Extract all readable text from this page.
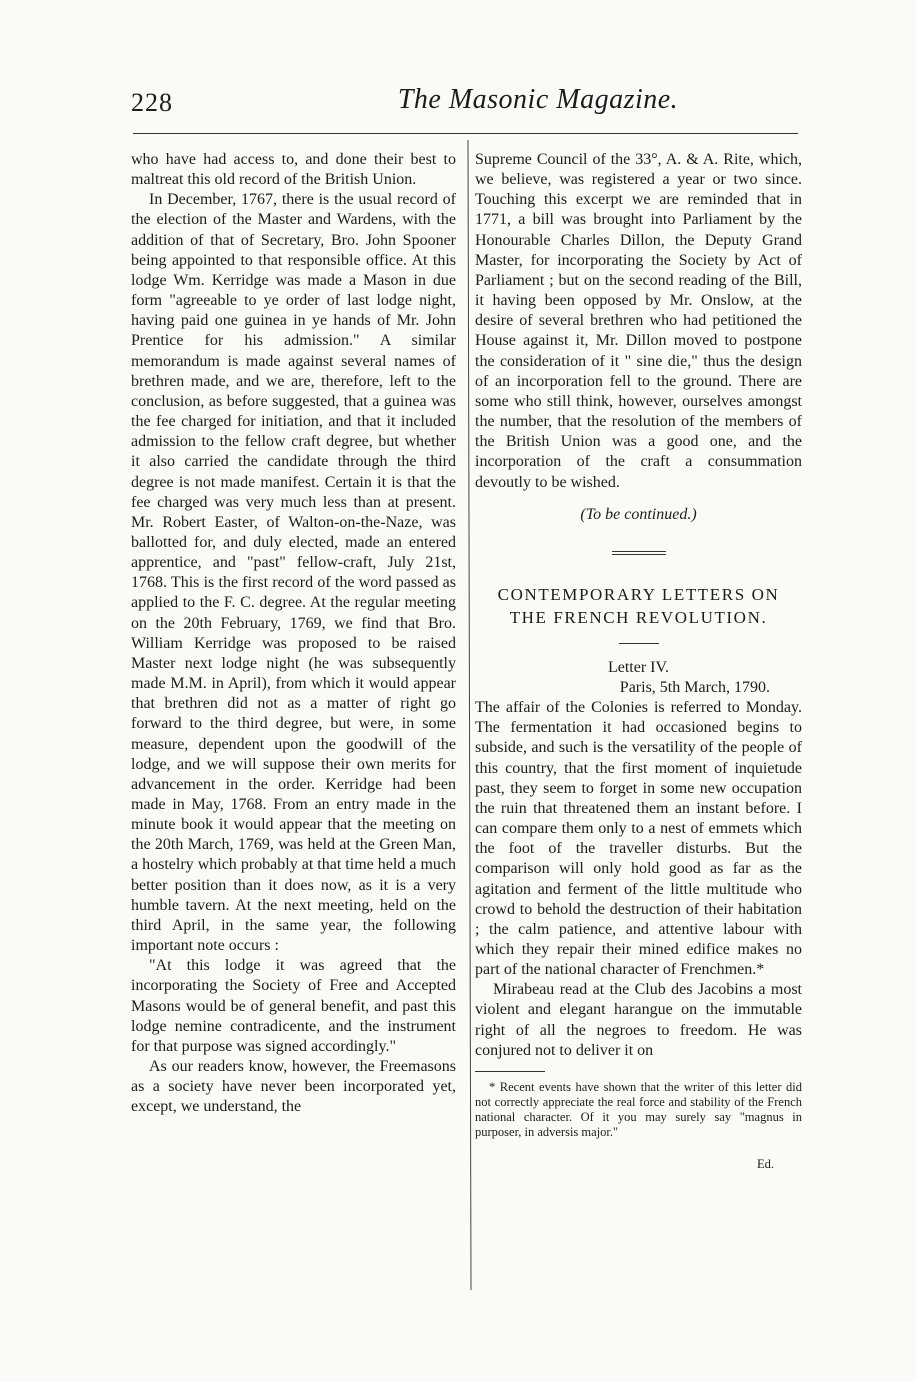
228	The Masonic Magazine.

who have had access to, and done their best to maltreat this old record of the British Union.

In December, 1767, there is the usual record of the election of the Master and Wardens, with the addition of that of Secretary, Bro. John Spooner being appointed to that responsible office. At this lodge Wm. Kerridge was made a Mason in due form "agreeable to ye order of last lodge night, having paid one guinea in ye hands of Mr. John Prentice for his admission." A similar memorandum is made against several names of brethren made, and we are, therefore, left to the conclusion, as before suggested, that a guinea was the fee charged for initiation, and that it included admission to the fellow craft degree, but whether it also carried the candidate through the third degree is not made manifest. Certain it is that the fee charged was very much less than at present. Mr. Robert Easter, of Walton-on-the-Naze, was ballotted for, and duly elected, made an entered apprentice, and "past" fellow-craft, July 21st, 1768. This is the first record of the word passed as applied to the F. C. degree. At the regular meeting on the 20th February, 1769, we find that Bro. William Kerridge was proposed to be raised Master next lodge night (he was subsequently made M.M. in April), from which it would appear that brethren did not as a matter of right go forward to the third degree, but were, in some measure, dependent upon the goodwill of the lodge, and we will suppose their own merits for advancement in the order. Kerridge had been made in May, 1768. From an entry made in the minute book it would appear that the meeting on the 20th March, 1769, was held at the Green Man, a hostelry which probably at that time held a much better position than it does now, as it is a very humble tavern. At the next meeting, held on the third April, in the same year, the following important note occurs :

"At this lodge it was agreed that the incorporating the Society of Free and Accepted Masons would be of general benefit, and past this lodge nemine contradicente, and the instrument for that purpose was signed accordingly."

As our readers know, however, the Freemasons as a society have never been incorporated yet, except, we understand, the

Supreme Council of the 33°, A. & A. Rite, which, we believe, was registered a year or two since. Touching this excerpt we are reminded that in 1771, a bill was brought into Parliament by the Honourable Charles Dillon, the Deputy Grand Master, for incorporating the Society by Act of Parliament ; but on the second reading of the Bill, it having been opposed by Mr. Onslow, at the desire of several brethren who had petitioned the House against it, Mr. Dillon moved to postpone the consideration of it " sine die," thus the design of an incorporation fell to the ground. There are some who still think, however, ourselves amongst the number, that the resolution of the members of the British Union was a good one, and the incorporation of the craft a consummation devoutly to be wished.

(To be continued.)

CONTEMPORARY LETTERS ON

THE FRENCH REVOLUTION.

Letter IV.

Paris, 5th March, 1790.

The affair of the Colonies is referred to Monday. The fermentation it had occasioned begins to subside, and such is the versatility of the people of this country, that the first moment of inquietude past, they seem to forget in some new occupation the ruin that threatened them an instant before. I can compare them only to a nest of emmets which the foot of the traveller disturbs. But the comparison will only hold good as far as the agitation and ferment of the little multitude who crowd to behold the destruction of their habitation ; the calm patience, and attentive labour with which they repair their mined edifice makes no part of the national character of Frenchmen.*

Mirabeau read at the Club des Jacobins a most violent and elegant harangue on the immutable right of all the negroes to freedom. He was conjured not to deliver it on

* Recent events have shown that the writer of this letter did not correctly appreciate the real force and stability of the French national character. Of it you may surely say "magnus in purposer, in adversis major."

Ed.
